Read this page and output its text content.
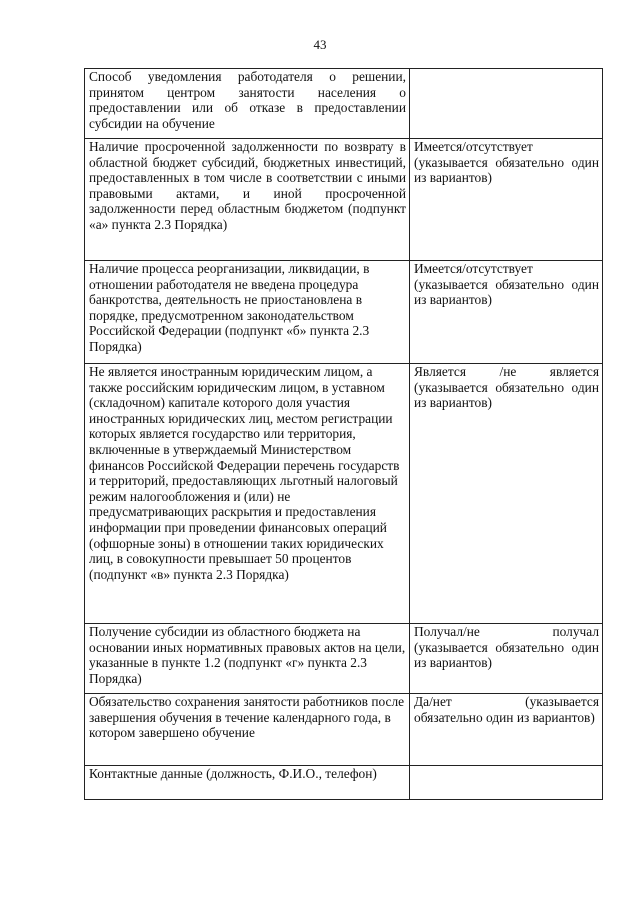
43
Способ уведомления работодателя о решении, принятом центром занятости населения о предоставлении или об отказе в предоставлении субсидии на обучение	
Наличие просроченной задолженности по возврату в областной бюджет субсидий, бюджетных инвестиций, предоставленных в том числе в соответствии с иными правовыми актами, и иной просроченной задолженности перед областным бюджетом (подпункт «а» пункта 2.3 Порядка)	Имеется/отсутствует (указывается обязательно один из вариантов)
Наличие процесса реорганизации, ликвидации, в отношении работодателя не введена процедура банкротства, деятельность не приостановлена в порядке, предусмотренном законодательством Российской Федерации (подпункт «б» пункта 2.3 Порядка)	Имеется/отсутствует (указывается обязательно один из вариантов)
Не является иностранным юридическим лицом, а также российским юридическим лицом, в уставном (складочном) капитале которого доля участия иностранных юридических лиц, местом регистрации которых является государство или территория, включенные в утверждаемый Министерством финансов Российской Федерации перечень государств и территорий, предоставляющих льготный налоговый режим налогообложения и (или) не предусматривающих раскрытия и предоставления информации при проведении финансовых операций (офшорные зоны) в отношении таких юридических лиц, в совокупности превышает 50 процентов (подпункт «в» пункта 2.3 Порядка)	Является /не является (указывается обязательно один из вариантов)
Получение субсидии из областного бюджета на основании иных нормативных правовых актов на цели, указанные в пункте 1.2 (подпункт «г» пункта 2.3 Порядка)	Получал/не получал (указывается обязательно один из вариантов)
Обязательство сохранения занятости работников после завершения обучения в течение календарного года, в котором завершено обучение	Да/нет (указывается обязательно один из вариантов)
Контактные данные (должность, Ф.И.О., телефон)	
